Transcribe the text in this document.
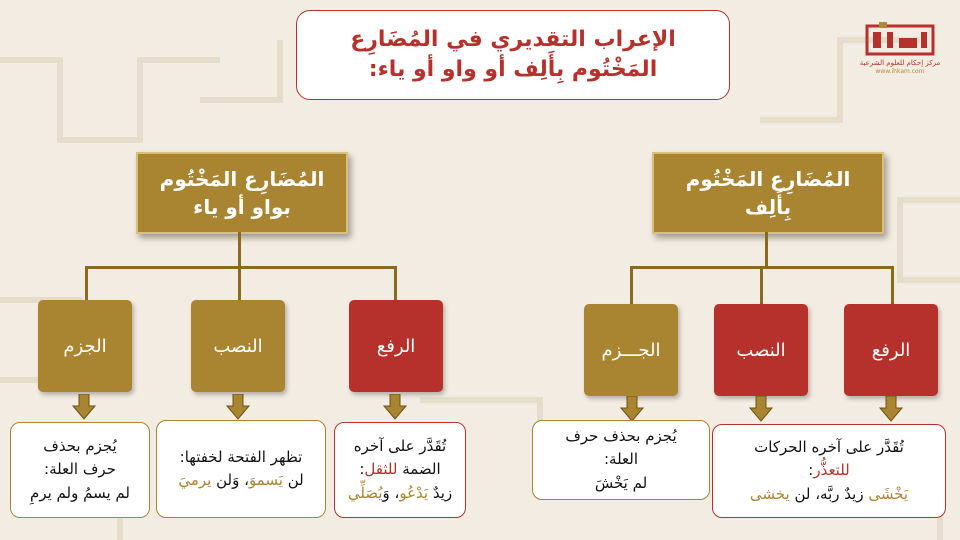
الإعراب التقديري في المُضَارِع
المَخْتُوم بِأَلِف أو واو أو ياء:	مركز إحكام للعلوم الشرعية
www.ihkam.com
المُضَارِع المَخْتُوم
بِأَلِف
الرفع
النصب
الجـــزم
المُضَارِع المَخْتُوم
بواو أو ياء
الرفع
النصب
الجزم
تُقَدَّر على آخره الحركات
للتعذُّر:
يَخْشَى زيدٌ ربَّه، لن يخشى
يُجزم بحذف حرف
العلة:
لم يَخْشَ
تُقَدَّر على آخره
الضمة للثقل:
زيدٌ يَدْعُو، وَيُصَلِّي
تظهر الفتحة لخفتها:
لن يَسموَ، وَلن يرميَ
يُجزم بحذف
حرف العلة:
لم يسمُ ولم يرمِ
